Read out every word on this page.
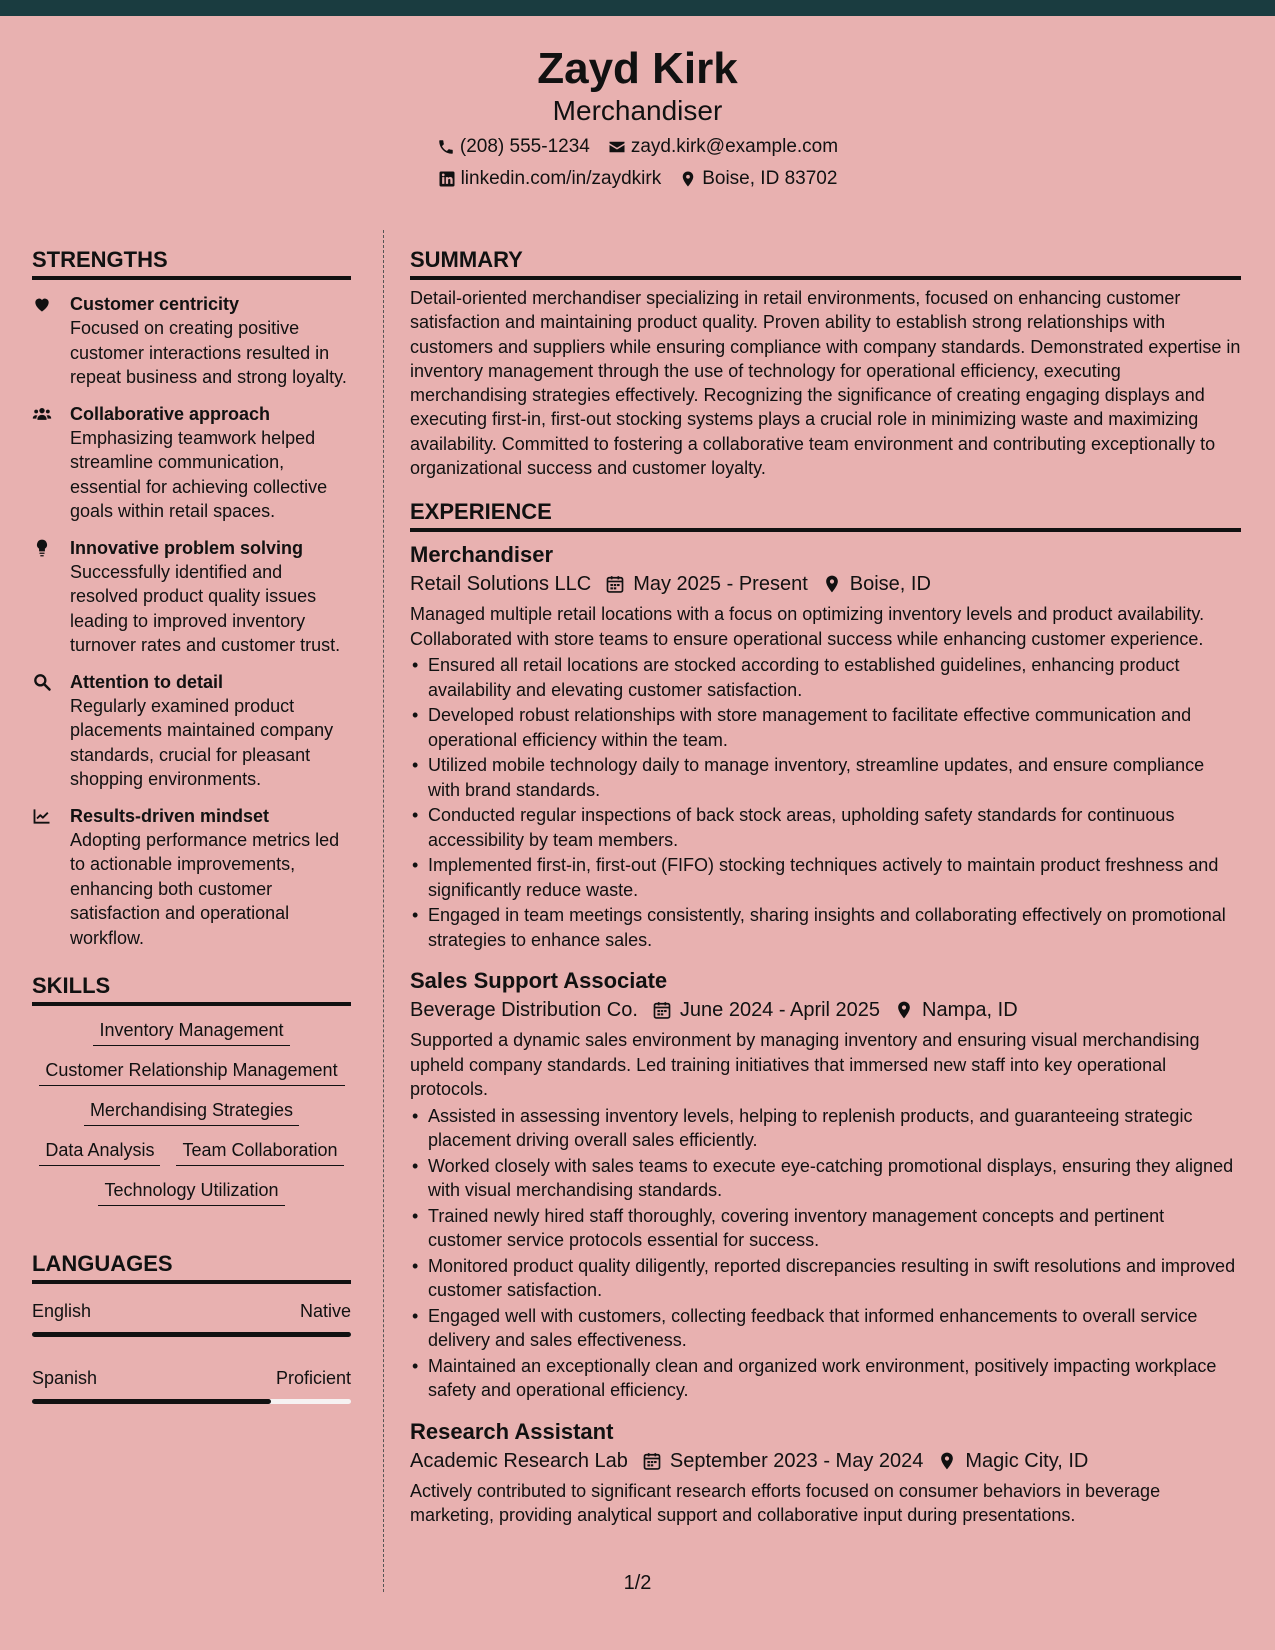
Zayd Kirk
Merchandiser
(208) 555-1234 zayd.kirk@example.com
linkedin.com/in/zaydkirk Boise, ID 83702
STRENGTHS
Customer centricity
Focused on creating positive customer interactions resulted in repeat business and strong loyalty.
Collaborative approach
Emphasizing teamwork helped streamline communication, essential for achieving collective goals within retail spaces.
Innovative problem solving
Successfully identified and resolved product quality issues leading to improved inventory turnover rates and customer trust.
Attention to detail
Regularly examined product placements maintained company standards, crucial for pleasant shopping environments.
Results-driven mindset
Adopting performance metrics led to actionable improvements, enhancing both customer satisfaction and operational workflow.
SKILLS
Inventory Management
Customer Relationship Management
Merchandising Strategies
Data Analysis	Team Collaboration
Technology Utilization
LANGUAGES
English	Native
Spanish	Proficient
SUMMARY
Detail-oriented merchandiser specializing in retail environments, focused on enhancing customer satisfaction and maintaining product quality. Proven ability to establish strong relationships with customers and suppliers while ensuring compliance with company standards. Demonstrated expertise in inventory management through the use of technology for operational efficiency, executing merchandising strategies effectively. Recognizing the significance of creating engaging displays and executing first-in, first-out stocking systems plays a crucial role in minimizing waste and maximizing availability. Committed to fostering a collaborative team environment and contributing exceptionally to organizational success and customer loyalty.
EXPERIENCE
Merchandiser
Retail Solutions LLC May 2025 - Present Boise, ID
Managed multiple retail locations with a focus on optimizing inventory levels and product availability. Collaborated with store teams to ensure operational success while enhancing customer experience.
• Ensured all retail locations are stocked according to established guidelines, enhancing product availability and elevating customer satisfaction.
• Developed robust relationships with store management to facilitate effective communication and operational efficiency within the team.
• Utilized mobile technology daily to manage inventory, streamline updates, and ensure compliance with brand standards.
• Conducted regular inspections of back stock areas, upholding safety standards for continuous accessibility by team members.
• Implemented first-in, first-out (FIFO) stocking techniques actively to maintain product freshness and significantly reduce waste.
• Engaged in team meetings consistently, sharing insights and collaborating effectively on promotional strategies to enhance sales.
Sales Support Associate
Beverage Distribution Co. June 2024 - April 2025 Nampa, ID
Supported a dynamic sales environment by managing inventory and ensuring visual merchandising upheld company standards. Led training initiatives that immersed new staff into key operational protocols.
• Assisted in assessing inventory levels, helping to replenish products, and guaranteeing strategic placement driving overall sales efficiently.
• Worked closely with sales teams to execute eye-catching promotional displays, ensuring they aligned with visual merchandising standards.
• Trained newly hired staff thoroughly, covering inventory management concepts and pertinent customer service protocols essential for success.
• Monitored product quality diligently, reported discrepancies resulting in swift resolutions and improved customer satisfaction.
• Engaged well with customers, collecting feedback that informed enhancements to overall service delivery and sales effectiveness.
• Maintained an exceptionally clean and organized work environment, positively impacting workplace safety and operational efficiency.
Research Assistant
Academic Research Lab September 2023 - May 2024 Magic City, ID
Actively contributed to significant research efforts focused on consumer behaviors in beverage marketing, providing analytical support and collaborative input during presentations.
1/2
